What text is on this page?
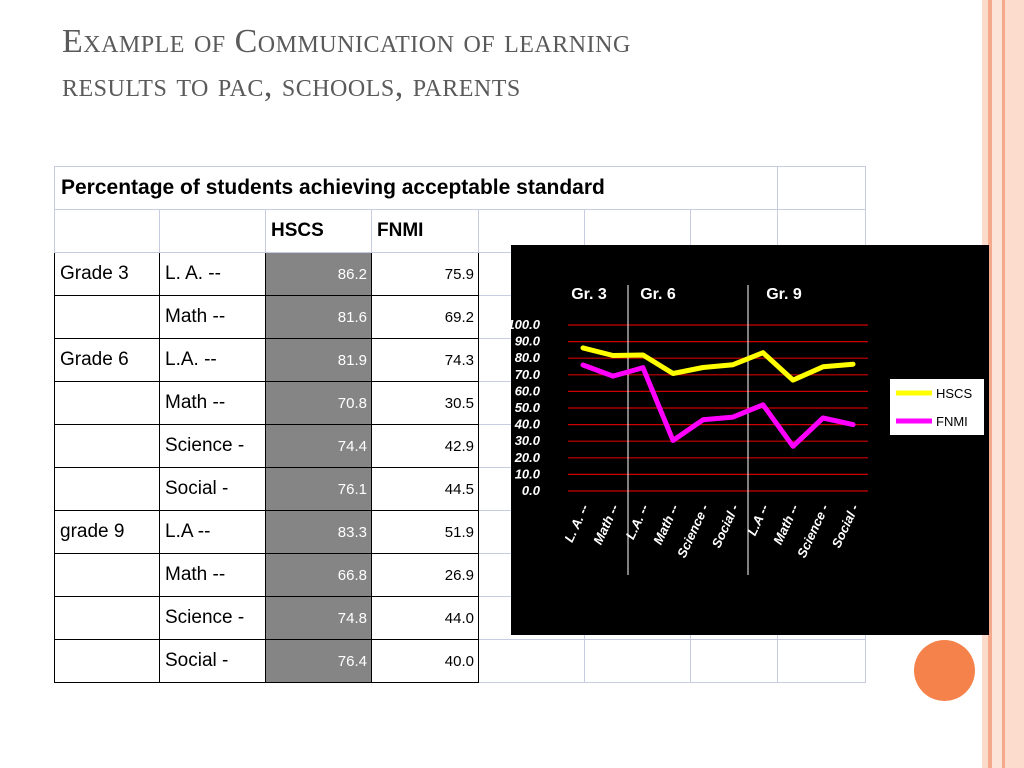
Example of Communication of learning
results to pac, schools, parents
Percentage of students achieving acceptable standard							
		HSCS	FNMI				
Grade 3	L. A. --	86.2	75.9				
	Math --	81.6	69.2				
Grade 6	L.A. --	81.9	74.3				
	Math --	70.8	30.5				
	Science -	74.4	42.9				
	Social -	76.1	44.5				
grade 9	L.A --	83.3	51.9				
	Math --	66.8	26.9				
	Science -	74.8	44.0				
	Social -	76.4	40.0				
100.0
90.0
80.0
70.0
60.0
50.0
40.0
30.0
20.0
10.0
0.0
Gr. 3 Gr. 6	Gr. 9
L. A. --
Math -- L.A. --
Math --
Science -
Social - L.A --
Math --
Science -
Social -
HSCS
FNMI
